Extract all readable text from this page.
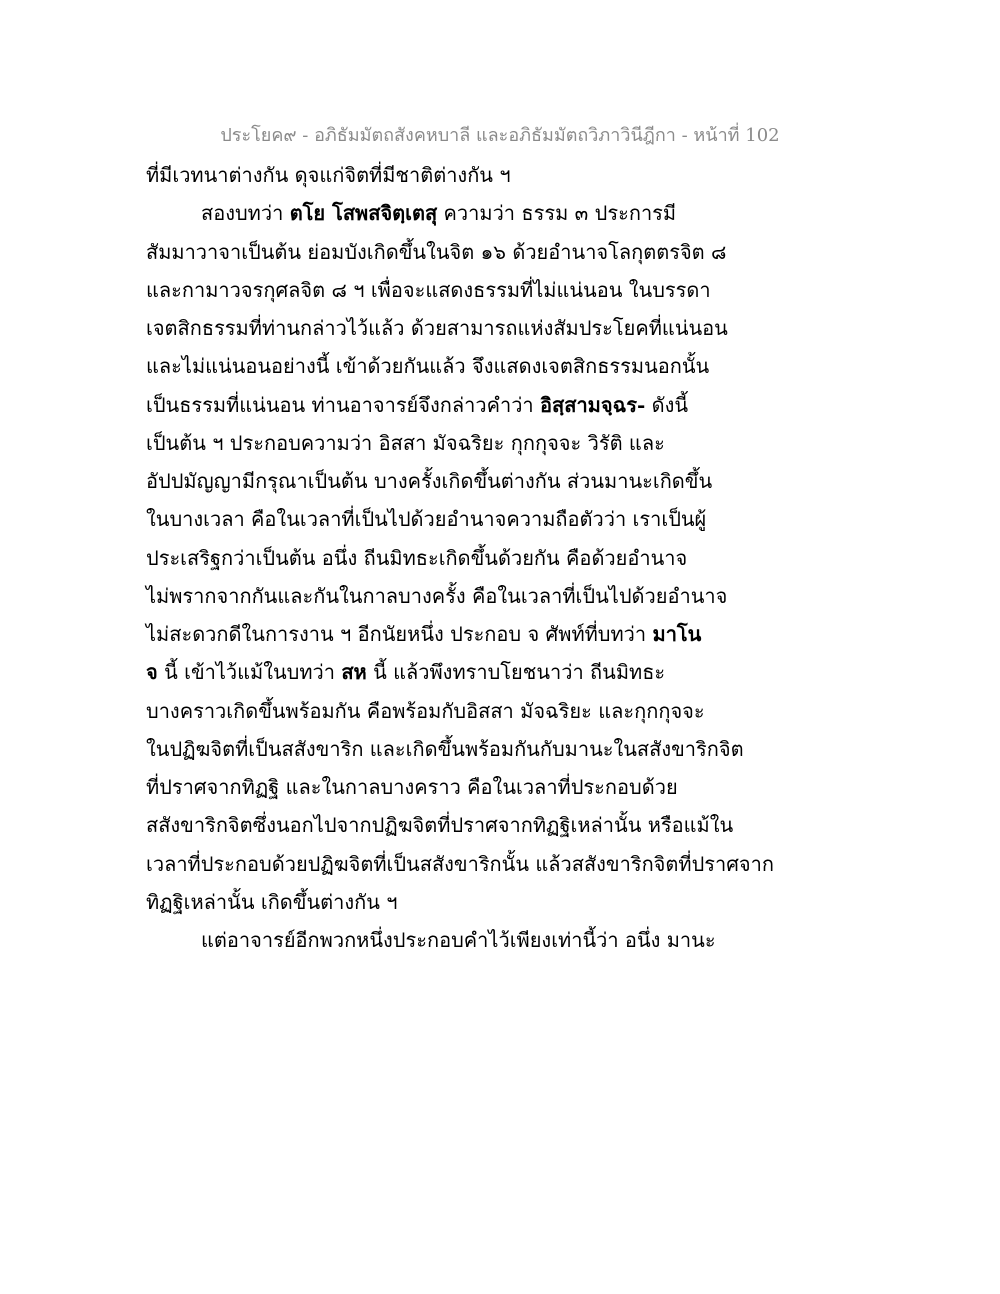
ประโยค๙ - อภิธัมมัตถสังคหบาลี และอภิธัมมัตถวิภาวินีฎีกา - หน้าที่ 102
ที่มีเวทนาต่างกัน ดุจแก่จิตที่มีชาติต่างกัน ฯ
สองบทว่า ตโย โสพสจิตฺเตสุ ความว่า ธรรม ๓ ประการมี
สัมมาวาจาเป็นต้น ย่อมบังเกิดขึ้นในจิต ๑๖ ด้วยอำนาจโลกุตตรจิต ๘
และกามาวจรกุศลจิต ๘ ฯ เพื่อจะแสดงธรรมที่ไม่แน่นอน ในบรรดา
เจตสิกธรรมที่ท่านกล่าวไว้แล้ว ด้วยสามารถแห่งสัมประโยคที่แน่นอน
และไม่แน่นอนอย่างนี้ เข้าด้วยกันแล้ว จึงแสดงเจตสิกธรรมนอกนั้น
เป็นธรรมที่แน่นอน ท่านอาจารย์จึงกล่าวคำว่า อิสฺสามจฺฉร- ดังนี้
เป็นต้น ฯ ประกอบความว่า อิสสา มัจฉริยะ กุกกุจจะ วิรัติ และ
อัปปมัญญามีกรุณาเป็นต้น บางครั้งเกิดขึ้นต่างกัน ส่วนมานะเกิดขึ้น
ในบางเวลา คือในเวลาที่เป็นไปด้วยอำนาจความถือตัวว่า เราเป็นผู้
ประเสริฐกว่าเป็นต้น อนึ่ง ถีนมิทธะเกิดขึ้นด้วยกัน คือด้วยอำนาจ
ไม่พรากจากกันและกันในกาลบางครั้ง คือในเวลาที่เป็นไปด้วยอำนาจ
ไม่สะดวกดีในการงาน ฯ อีกนัยหนึ่ง ประกอบ จ ศัพท์ที่บทว่า มาโน
จ นี้ เข้าไว้แม้ในบทว่า สห นี้ แล้วพึงทราบโยชนาว่า ถีนมิทธะ
บางคราวเกิดขึ้นพร้อมกัน คือพร้อมกับอิสสา มัจฉริยะ และกุกกุจจะ
ในปฏิฆจิตที่เป็นสสังขาริก และเกิดขึ้นพร้อมกันกับมานะในสสังขาริกจิต
ที่ปราศจากทิฏฐิ และในกาลบางคราว คือในเวลาที่ประกอบด้วย
สสังขาริกจิตซึ่งนอกไปจากปฏิฆจิตที่ปราศจากทิฏฐิเหล่านั้น หรือแม้ใน
เวลาที่ประกอบด้วยปฏิฆจิตที่เป็นสสังขาริกนั้น แล้วสสังขาริกจิตที่ปราศจาก
ทิฏฐิเหล่านั้น เกิดขึ้นต่างกัน ฯ
แต่อาจารย์อีกพวกหนึ่งประกอบคำไว้เพียงเท่านี้ว่า อนึ่ง มานะ
